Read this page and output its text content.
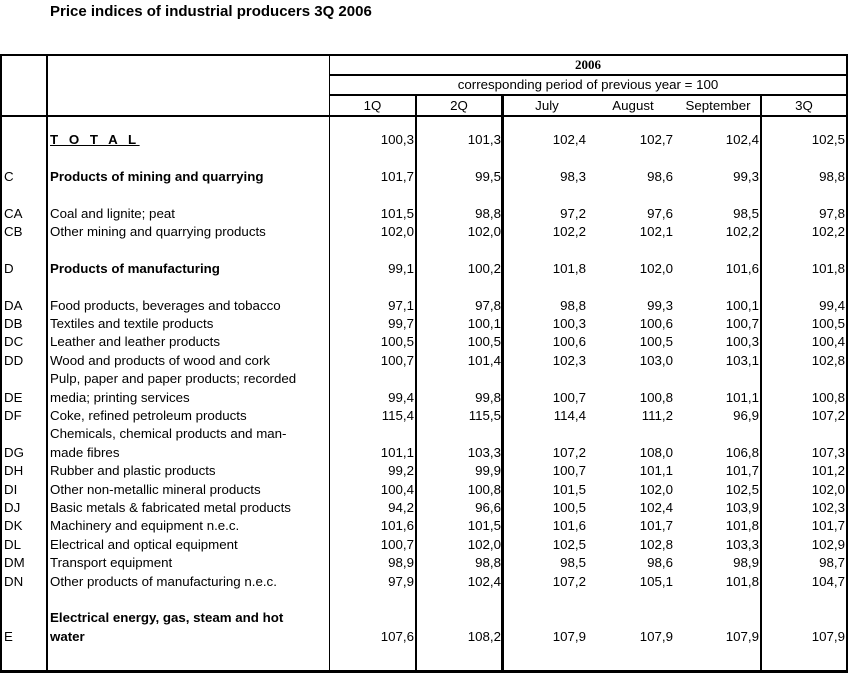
Price indices of industrial producers 3Q 2006
2006
corresponding period of previous year = 100
1Q	2Q	July	August	September	3Q
T O T A L	100,3	101,3	102,4	102,7	102,4	102,5
C	Products of mining and quarrying	101,7	99,5	98,3	98,6	99,3	98,8
CA Coal and lignite; peat	101,5	98,8	97,2	97,6	98,5	97,8
CB Other mining and quarrying products	102,0	102,0	102,2	102,1	102,2	102,2
D	Products of manufacturing	99,1	100,2	101,8	102,0	101,6	101,8
DA Food products, beverages and tobacco	97,1	97,8	98,8	99,3	100,1	99,4
DB Textiles and textile products	99,7	100,1	100,3	100,6	100,7	100,5
DC Leather and leather products	100,5	100,5	100,6	100,5	100,3	100,4
DD Wood and products of wood and cork	100,7	101,4	102,3	103,0	103,1	102,8
Pulp, paper and paper products; recorded
DE media; printing services	99,4	99,8	100,7	100,8	101,1	100,8
DF Coke, refined petroleum products	115,4	115,5	114,4	111,2	96,9	107,2
Chemicals, chemical products and man-
DG made fibres	101,1	103,3	107,2	108,0	106,8	107,3
DH Rubber and plastic products	99,2	99,9	100,7	101,1	101,7	101,2
DI Other non-metallic mineral products	100,4	100,8	101,5	102,0	102,5	102,0
DJ Basic metals & fabricated metal products	94,2	96,6	100,5	102,4	103,9	102,3
DK Machinery and equipment n.e.c.	101,6	101,5	101,6	101,7	101,8	101,7
DL Electrical and optical equipment	100,7	102,0	102,5	102,8	103,3	102,9
DM Transport equipment	98,9	98,8	98,5	98,6	98,9	98,7
DN Other products of manufacturing n.e.c.	97,9	102,4	107,2	105,1	101,8	104,7
Electrical energy, gas, steam and hot
E	water	107,6	108,2	107,9	107,9	107,9	107,9
